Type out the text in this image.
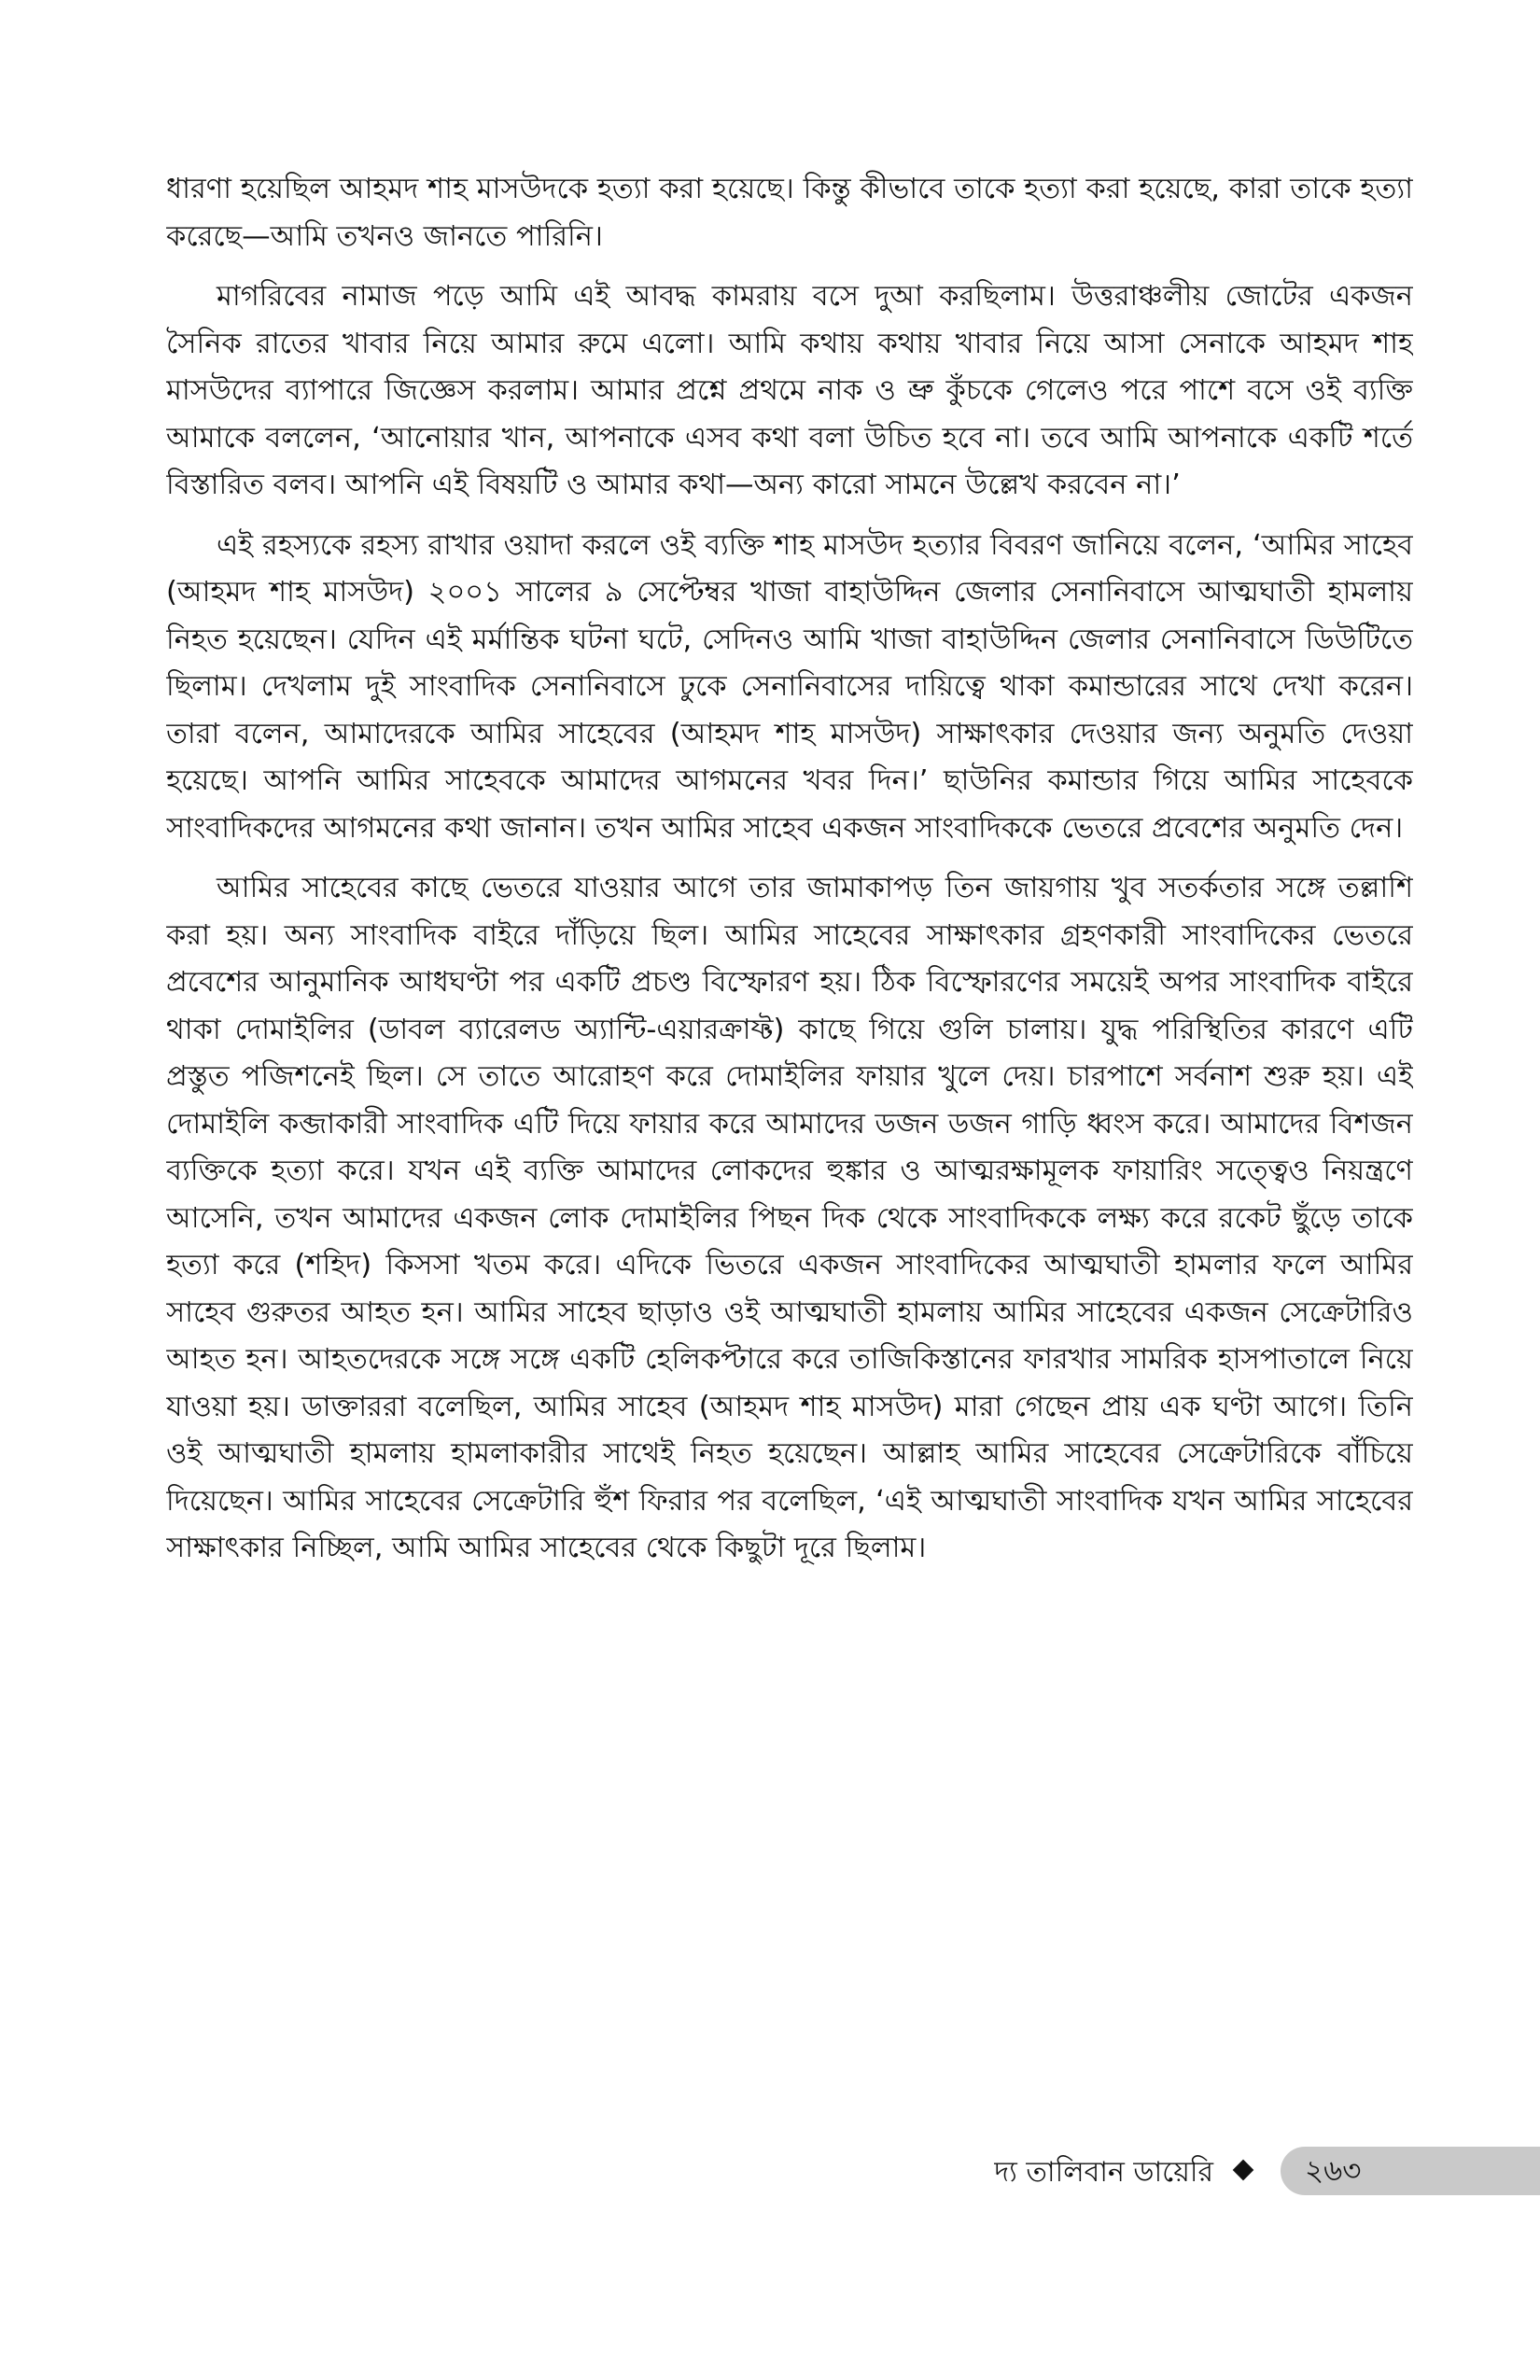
ধারণা হয়েছিল আহমদ শাহ মাসউদকে হত্যা করা হয়েছে। কিন্তু কীভাবে তাকে হত্যা করা হয়েছে, কারা তাকে হত্যা করেছে—আমি তখনও জানতে পারিনি।

মাগরিবের নামাজ পড়ে আমি এই আবদ্ধ কামরায় বসে দুআ করছিলাম। উত্তরাঞ্চলীয় জোটের একজন সৈনিক রাতের খাবার নিয়ে আমার রুমে এলো। আমি কথায় কথায় খাবার নিয়ে আসা সেনাকে আহমদ শাহ মাসউদের ব্যাপারে জিজ্ঞেস করলাম। আমার প্রশ্নে প্রথমে নাক ও ভ্রু কুঁচকে গেলেও পরে পাশে বসে ওই ব্যক্তি আমাকে বললেন, ‘আনোয়ার খান, আপনাকে এসব কথা বলা উচিত হবে না। তবে আমি আপনাকে একটি শর্তে বিস্তারিত বলব। আপনি এই বিষয়টি ও আমার কথা—অন্য কারো সামনে উল্লেখ করবেন না।’

এই রহস্যকে রহস্য রাখার ওয়াদা করলে ওই ব্যক্তি শাহ মাসউদ হত্যার বিবরণ জানিয়ে বলেন, ‘আমির সাহেব (আহমদ শাহ মাসউদ) ২০০১ সালের ৯ সেপ্টেম্বর খাজা বাহাউদ্দিন জেলার সেনানিবাসে আত্মঘাতী হামলায় নিহত হয়েছেন। যেদিন এই মর্মান্তিক ঘটনা ঘটে, সেদিনও আমি খাজা বাহাউদ্দিন জেলার সেনানিবাসে ডিউটিতে ছিলাম। দেখলাম দুই সাংবাদিক সেনানিবাসে ঢুকে সেনানিবাসের দায়িত্বে থাকা কমান্ডারের সাথে দেখা করেন। তারা বলেন, আমাদেরকে আমির সাহেবের (আহমদ শাহ মাসউদ) সাক্ষাৎকার দেওয়ার জন্য অনুমতি দেওয়া হয়েছে। আপনি আমির সাহেবকে আমাদের আগমনের খবর দিন।’ ছাউনির কমান্ডার গিয়ে আমির সাহেবকে সাংবাদিকদের আগমনের কথা জানান। তখন আমির সাহেব একজন সাংবাদিককে ভেতরে প্রবেশের অনুমতি দেন।

আমির সাহেবের কাছে ভেতরে যাওয়ার আগে তার জামাকাপড় তিন জায়গায় খুব সতর্কতার সঙ্গে তল্লাশি করা হয়। অন্য সাংবাদিক বাইরে দাঁড়িয়ে ছিল। আমির সাহেবের সাক্ষাৎকার গ্রহণকারী সাংবাদিকের ভেতরে প্রবেশের আনুমানিক আধঘণ্টা পর একটি প্রচণ্ড বিস্ফোরণ হয়। ঠিক বিস্ফোরণের সময়েই অপর সাংবাদিক বাইরে থাকা দোমাইলির (ডাবল ব্যারেলড অ্যান্টি-এয়ারক্রাফ্ট) কাছে গিয়ে গুলি চালায়। যুদ্ধ পরিস্থিতির কারণে এটি প্রস্তুত পজিশনেই ছিল। সে তাতে আরোহণ করে দোমাইলির ফায়ার খুলে দেয়। চারপাশে সর্বনাশ শুরু হয়। এই দোমাইলি কব্জাকারী সাংবাদিক এটি দিয়ে ফায়ার করে আমাদের ডজন ডজন গাড়ি ধ্বংস করে। আমাদের বিশজন ব্যক্তিকে হত্যা করে। যখন এই ব্যক্তি আমাদের লোকদের হুঙ্কার ও আত্মরক্ষামূলক ফায়ারিং সত্ত্বেও নিয়ন্ত্রণে আসেনি, তখন আমাদের একজন লোক দোমাইলির পিছন দিক থেকে সাংবাদিককে লক্ষ্য করে রকেট ছুঁড়ে তাকে হত্যা করে (শহিদ) কিসসা খতম করে। এদিকে ভিতরে একজন সাংবাদিকের আত্মঘাতী হামলার ফলে আমির সাহেব গুরুতর আহত হন। আমির সাহেব ছাড়াও ওই আত্মঘাতী হামলায় আমির সাহেবের একজন সেক্রেটারিও আহত হন। আহতদেরকে সঙ্গে সঙ্গে একটি হেলিকপ্টারে করে তাজিকিস্তানের ফারখার সামরিক হাসপাতালে নিয়ে যাওয়া হয়। ডাক্তাররা বলেছিল, আমির সাহেব (আহমদ শাহ মাসউদ) মারা গেছেন প্রায় এক ঘণ্টা আগে। তিনি ওই আত্মঘাতী হামলায় হামলাকারীর সাথেই নিহত হয়েছেন। আল্লাহ আমির সাহেবের সেক্রেটারিকে বাঁচিয়ে দিয়েছেন। আমির সাহেবের সেক্রেটারি হুঁশ ফিরার পর বলেছিল, ‘এই আত্মঘাতী সাংবাদিক যখন আমির সাহেবের সাক্ষাৎকার নিচ্ছিল, আমি আমির সাহেবের থেকে কিছুটা দূরে ছিলাম।

দ্য তালিবান ডায়েরি	২৬৩
